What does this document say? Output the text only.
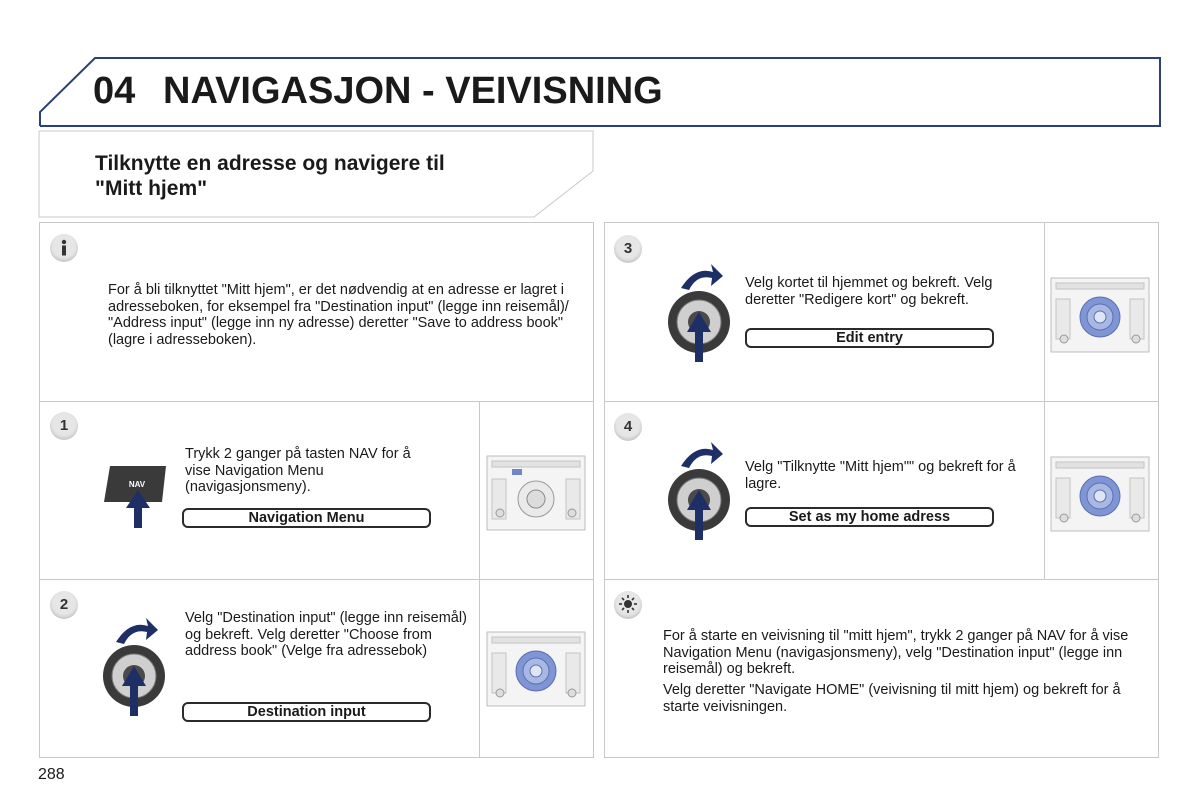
04 NAVIGASJON - VEIVISNING
Tilknytte en adresse og navigere til
"Mitt hjem"
For å bli tilknyttet "Mitt hjem", er det nødvendig at en adresse er lagret i adresseboken, for eksempel fra "Destination input" (legge inn reisemål)/ "Address input" (legge inn ny adresse) deretter "Save to address book" (lagre i adresseboken).
1
NAV
Trykk 2 ganger på tasten NAV for å vise Navigation Menu (navigasjonsmeny).
Navigation Menu
2
Velg "Destination input" (legge inn reisemål) og bekreft. Velg deretter "Choose from address book" (Velge fra adressebok)
Destination input
3
Velg kortet til hjemmet og bekreft. Velg deretter "Redigere kort" og bekreft.
Edit entry
4
Velg "Tilknytte "Mitt hjem"" og bekreft for å lagre.
Set as my home adress
For å starte en veivisning til "mitt hjem", trykk 2 ganger på NAV for å vise Navigation Menu (navigasjonsmeny), velg "Destination input" (legge inn reisemål) og bekreft.
Velg deretter "Navigate HOME" (veivisning til mitt hjem) og bekreft for å starte veivisningen.
288
